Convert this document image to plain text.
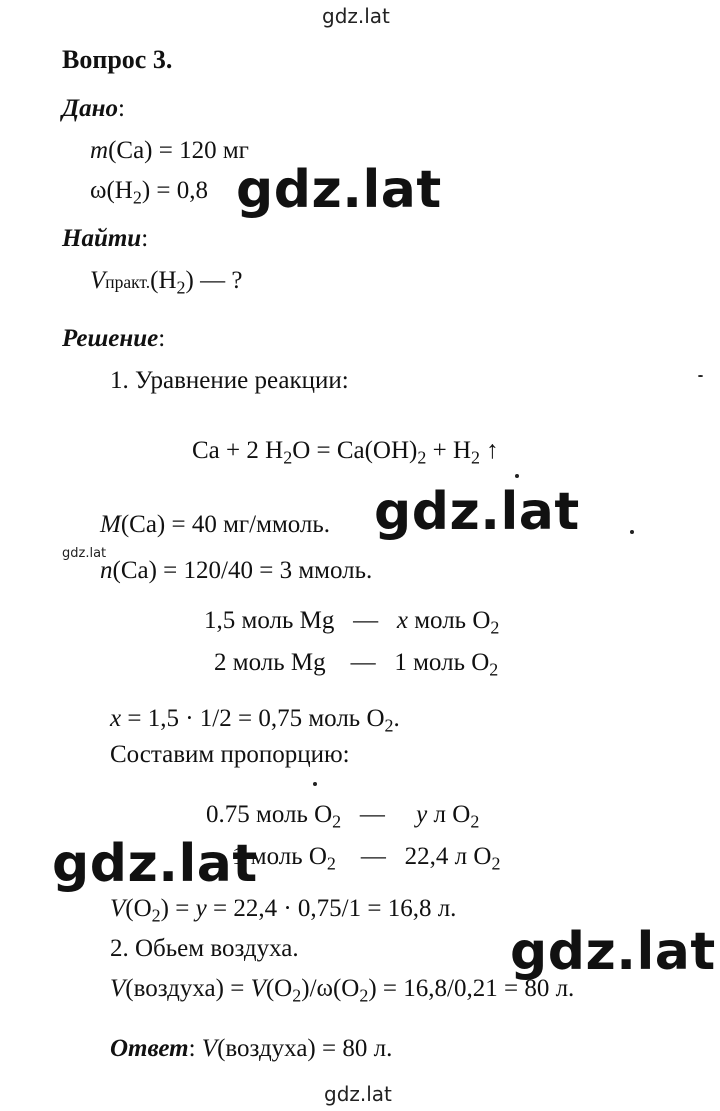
gdz.lat
gdz.lat
gdz.lat
gdz.lat
gdz.lat
gdz.lat
gdz.lat
Вопрос 3.
Дано:
m(Ca) = 120 мг
$\omega(H_2) = 0,8$
Найти:
$Vпракт.(H_2)$ — ?
Решение:
1. Уравнение реакции:
Ca + 2 $H_2O = Ca(OH)_2 + H_2$ ↑
M(Ca) = 40 мг/ммоль.
n(Ca) = 120/40 = 3 ммоль.
1,5 моль Mg   —   x моль $O_2$
2 моль Mg    —   1 моль $O_2$
x = 1,5 · 1/2 = 0,75 моль $O_2$.
Составим пропорцию:
0.75 моль $O_2$   —     y л $O_2$
1 моль $O_2$    —   22,4 л $O_2$
$V(O_2) = y = 22,4 \cdot 0,75/1 = 16,8$ л.
2. Обьем воздуха.
V(воздуха) = $V(O_2)/\omega(O_2) = 16,8/0,21 = 80$ л.
Ответ: V(воздуха) = 80 л.
